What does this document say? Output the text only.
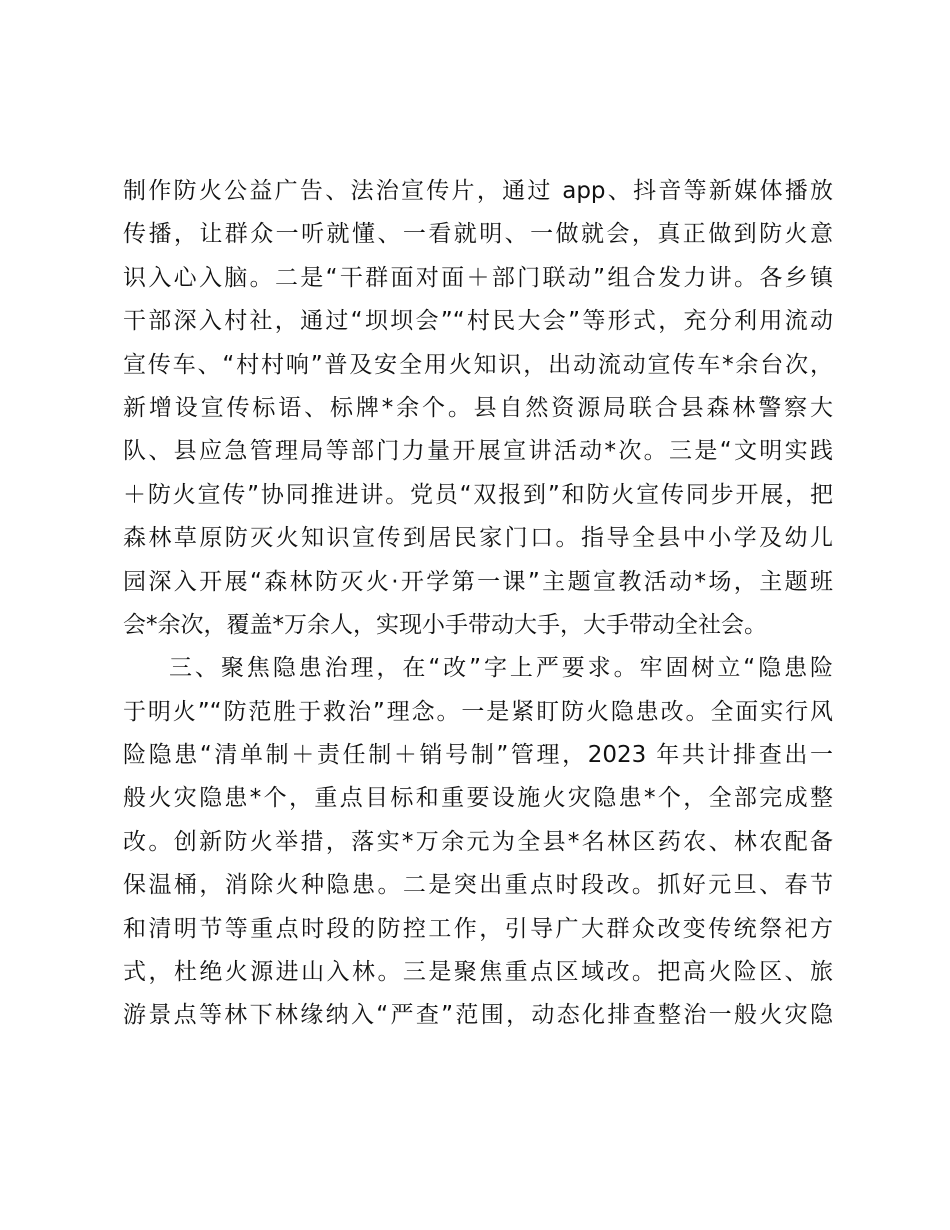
制作防火公益广告、法治宣传片，通过 app、抖音等新媒体播放
传播，让群众一听就懂、一看就明、一做就会，真正做到防火意
识入心入脑。二是“干群面对面＋部门联动”组合发力讲。各乡镇
干部深入村社，通过“坝坝会”“村民大会”等形式，充分利用流动
宣传车、“村村响”普及安全用火知识，出动流动宣传车*余台次，
新增设宣传标语、标牌*余个。县自然资源局联合县森林警察大
队、县应急管理局等部门力量开展宣讲活动*次。三是“文明实践
＋防火宣传”协同推进讲。党员“双报到”和防火宣传同步开展，把
森林草原防灭火知识宣传到居民家门口。指导全县中小学及幼儿
园深入开展“森林防灭火·开学第一课”主题宣教活动*场，主题班
会*余次，覆盖*万余人，实现小手带动大手，大手带动全社会。
三、聚焦隐患治理，在“改”字上严要求。牢固树立“隐患险
于明火”“防范胜于救治”理念。一是紧盯防火隐患改。全面实行风
险隐患“清单制＋责任制＋销号制”管理，2023 年共计排查出一
般火灾隐患*个，重点目标和重要设施火灾隐患*个，全部完成整
改。创新防火举措，落实*万余元为全县*名林区药农、林农配备
保温桶，消除火种隐患。二是突出重点时段改。抓好元旦、春节
和清明节等重点时段的防控工作，引导广大群众改变传统祭祀方
式，杜绝火源进山入林。三是聚焦重点区域改。把高火险区、旅
游景点等林下林缘纳入“严查”范围，动态化排查整治一般火灾隐
